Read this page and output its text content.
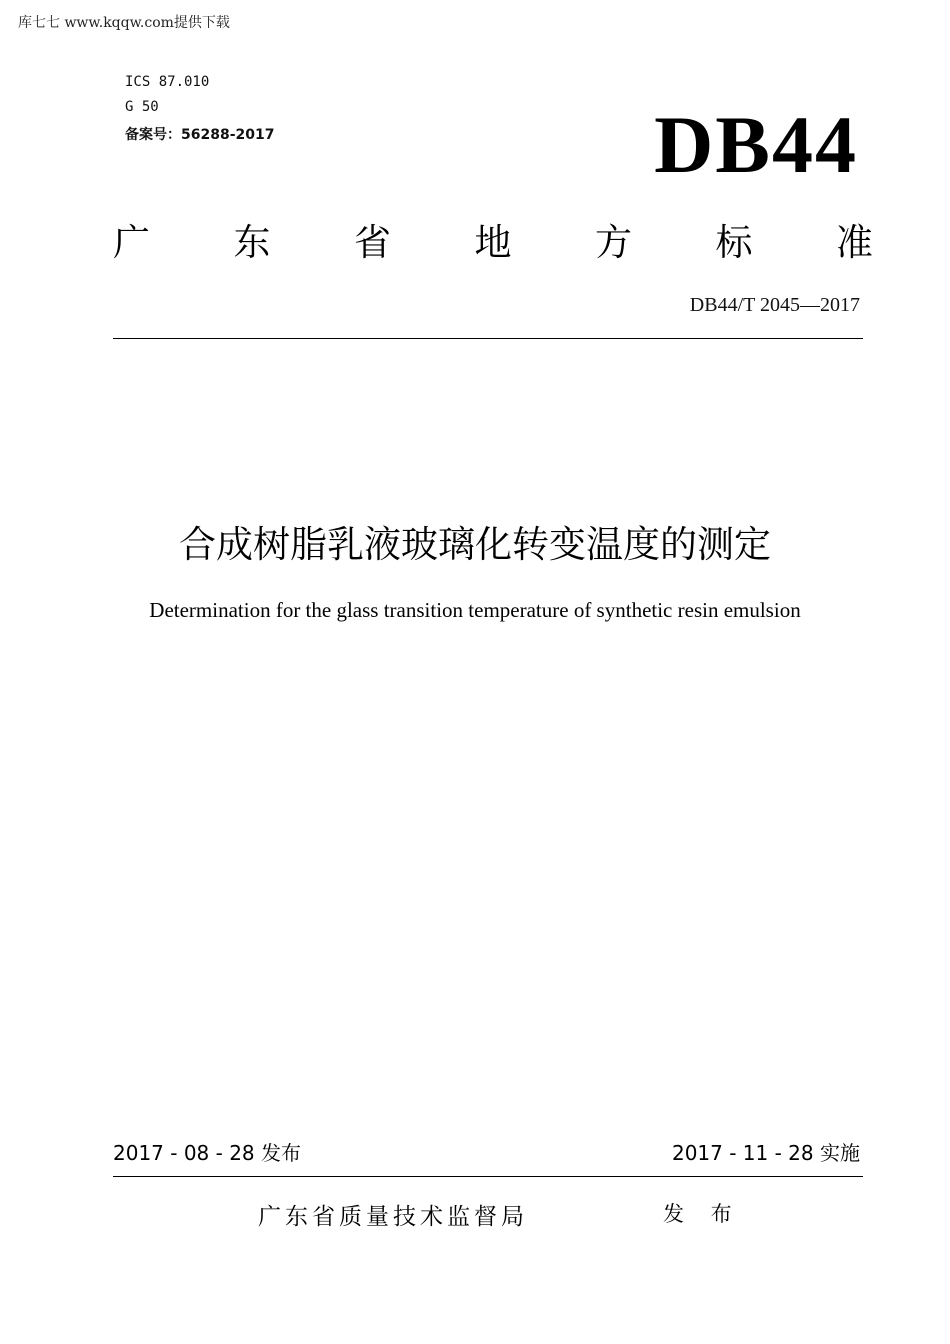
库七七 www.kqqw.com提供下载
ICS 87.010
G 50
备案号：56288-2017	DB44
广 东 省 地 方 标 准
DB44/T 2045—2017
合成树脂乳液玻璃化转变温度的测定
Determination for the glass transition temperature of synthetic resin emulsion
2017 - 08 - 28 发布	2017 - 11 - 28 实施
广东省质量技术监督局	发 布
